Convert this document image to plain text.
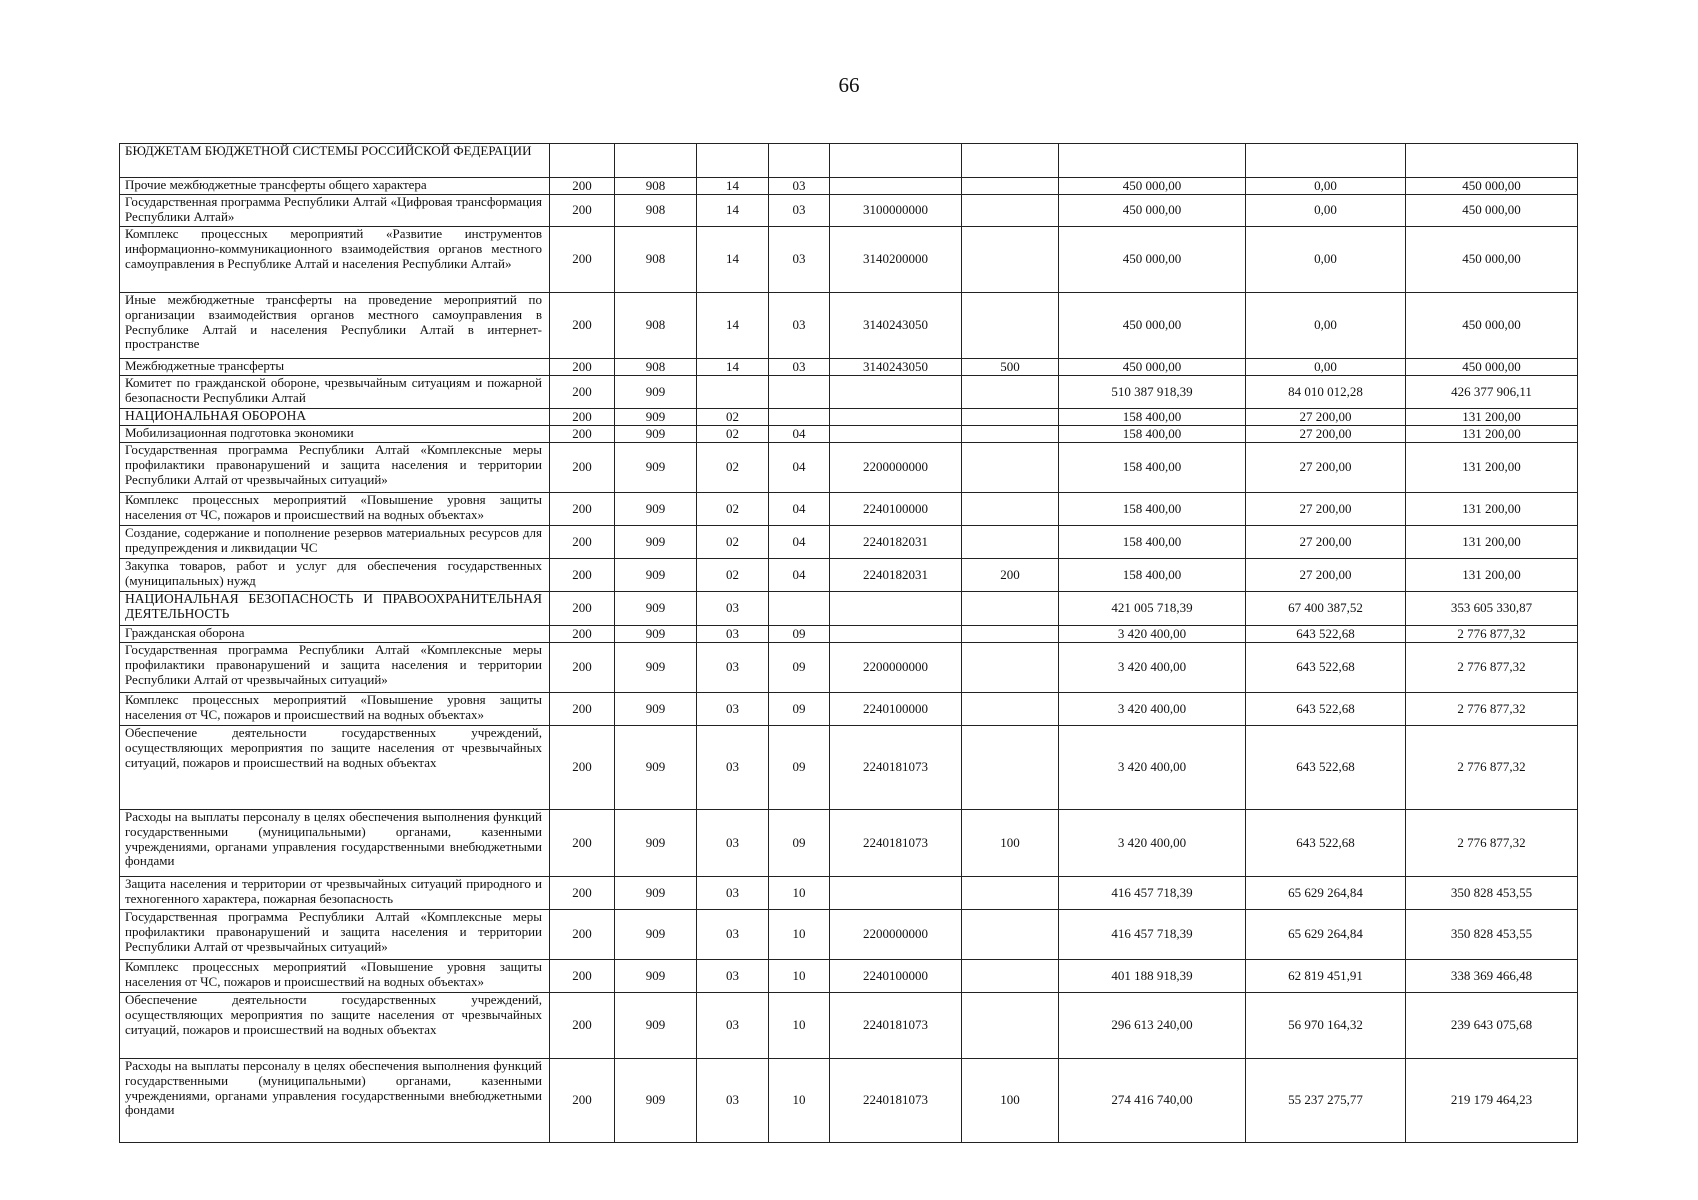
66
БЮДЖЕТАМ БЮДЖЕТНОЙ СИСТЕМЫ РОССИЙСКОЙ ФЕДЕРАЦИИ									
Прочие межбюджетные трансферты общего характера	200	908	14	03			450 000,00	0,00	450 000,00
Государственная программа Республики Алтай «Цифровая трансформация Республики Алтай»	200	908	14	03	3100000000		450 000,00	0,00	450 000,00
Комплекс процессных мероприятий «Развитие инструментов информационно-коммуникационного взаимодействия органов местного самоуправления в Республике Алтай и населения Республики Алтай»	200	908	14	03	3140200000		450 000,00	0,00	450 000,00
Иные межбюджетные трансферты на проведение мероприятий по организации взаимодействия органов местного самоуправления в Республике Алтай и населения Республики Алтай в интернет-пространстве	200	908	14	03	3140243050		450 000,00	0,00	450 000,00
Межбюджетные трансферты	200	908	14	03	3140243050	500	450 000,00	0,00	450 000,00
Комитет по гражданской обороне, чрезвычайным ситуациям и пожарной безопасности Республики Алтай	200	909					510 387 918,39	84 010 012,28	426 377 906,11
НАЦИОНАЛЬНАЯ ОБОРОНА	200	909	02				158 400,00	27 200,00	131 200,00
Мобилизационная подготовка экономики	200	909	02	04			158 400,00	27 200,00	131 200,00
Государственная программа Республики Алтай «Комплексные меры профилактики правонарушений и защита населения и территории Республики Алтай от чрезвычайных ситуаций»	200	909	02	04	2200000000		158 400,00	27 200,00	131 200,00
Комплекс процессных мероприятий «Повышение уровня защиты населения от ЧС, пожаров и происшествий на водных объектах»	200	909	02	04	2240100000		158 400,00	27 200,00	131 200,00
Создание, содержание и пополнение резервов материальных ресурсов для предупреждения и ликвидации ЧС	200	909	02	04	2240182031		158 400,00	27 200,00	131 200,00
Закупка товаров, работ и услуг для обеспечения государственных (муниципальных) нужд	200	909	02	04	2240182031	200	158 400,00	27 200,00	131 200,00
НАЦИОНАЛЬНАЯ БЕЗОПАСНОСТЬ И ПРАВООХРАНИТЕЛЬНАЯ ДЕЯТЕЛЬНОСТЬ	200	909	03				421 005 718,39	67 400 387,52	353 605 330,87
Гражданская оборона	200	909	03	09			3 420 400,00	643 522,68	2 776 877,32
Государственная программа Республики Алтай «Комплексные меры профилактики правонарушений и защита населения и территории Республики Алтай от чрезвычайных ситуаций»	200	909	03	09	2200000000		3 420 400,00	643 522,68	2 776 877,32
Комплекс процессных мероприятий «Повышение уровня защиты населения от ЧС, пожаров и происшествий на водных объектах»	200	909	03	09	2240100000		3 420 400,00	643 522,68	2 776 877,32
Обеспечение деятельности государственных учреждений, осуществляющих мероприятия по защите населения от чрезвычайных ситуаций, пожаров и происшествий на водных объектах	200	909	03	09	2240181073		3 420 400,00	643 522,68	2 776 877,32
Расходы на выплаты персоналу в целях обеспечения выполнения функций государственными (муниципальными) органами, казенными учреждениями, органами управления государственными внебюджетными фондами	200	909	03	09	2240181073	100	3 420 400,00	643 522,68	2 776 877,32
Защита населения и территории от чрезвычайных ситуаций природного и техногенного характера, пожарная безопасность	200	909	03	10			416 457 718,39	65 629 264,84	350 828 453,55
Государственная программа Республики Алтай «Комплексные меры профилактики правонарушений и защита населения и территории Республики Алтай от чрезвычайных ситуаций»	200	909	03	10	2200000000		416 457 718,39	65 629 264,84	350 828 453,55
Комплекс процессных мероприятий «Повышение уровня защиты населения от ЧС, пожаров и происшествий на водных объектах»	200	909	03	10	2240100000		401 188 918,39	62 819 451,91	338 369 466,48
Обеспечение деятельности государственных учреждений, осуществляющих мероприятия по защите населения от чрезвычайных ситуаций, пожаров и происшествий на водных объектах	200	909	03	10	2240181073		296 613 240,00	56 970 164,32	239 643 075,68
Расходы на выплаты персоналу в целях обеспечения выполнения функций государственными (муниципальными) органами, казенными учреждениями, органами управления государственными внебюджетными фондами	200	909	03	10	2240181073	100	274 416 740,00	55 237 275,77	219 179 464,23
